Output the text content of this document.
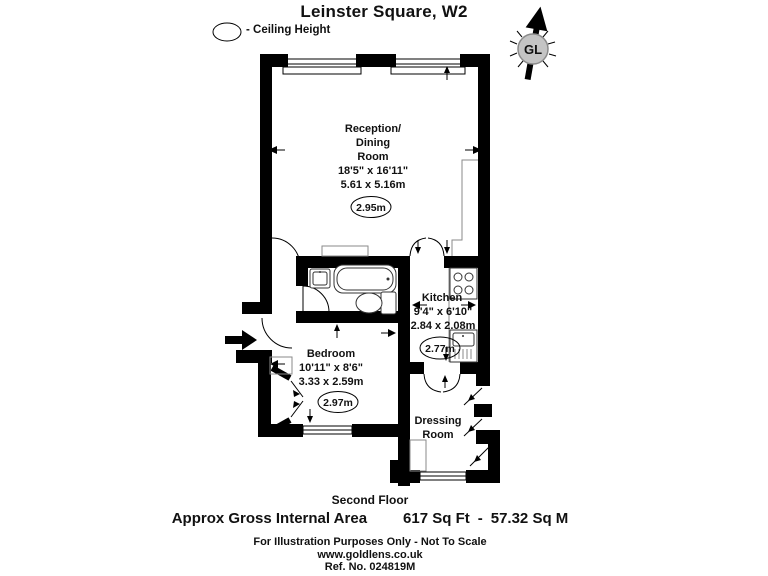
Leinster Square, W2
- Ceiling Height
GL
Reception/
Dining
Room
18'5" x 16'11"
5.61 x 5.16m
2.95m
Kitchen
9'4" x 6'10"
2.84 x 2.08m
2.77m
Bedroom
10'11" x 8'6"
3.33 x 2.59m
2.97m
Dressing
Room
Second Floor
Approx Gross Internal Area 617 Sq Ft - 57.32 Sq M
For Illustration Purposes Only - Not To Scale
www.goldlens.co.uk
Ref. No. 024819M
